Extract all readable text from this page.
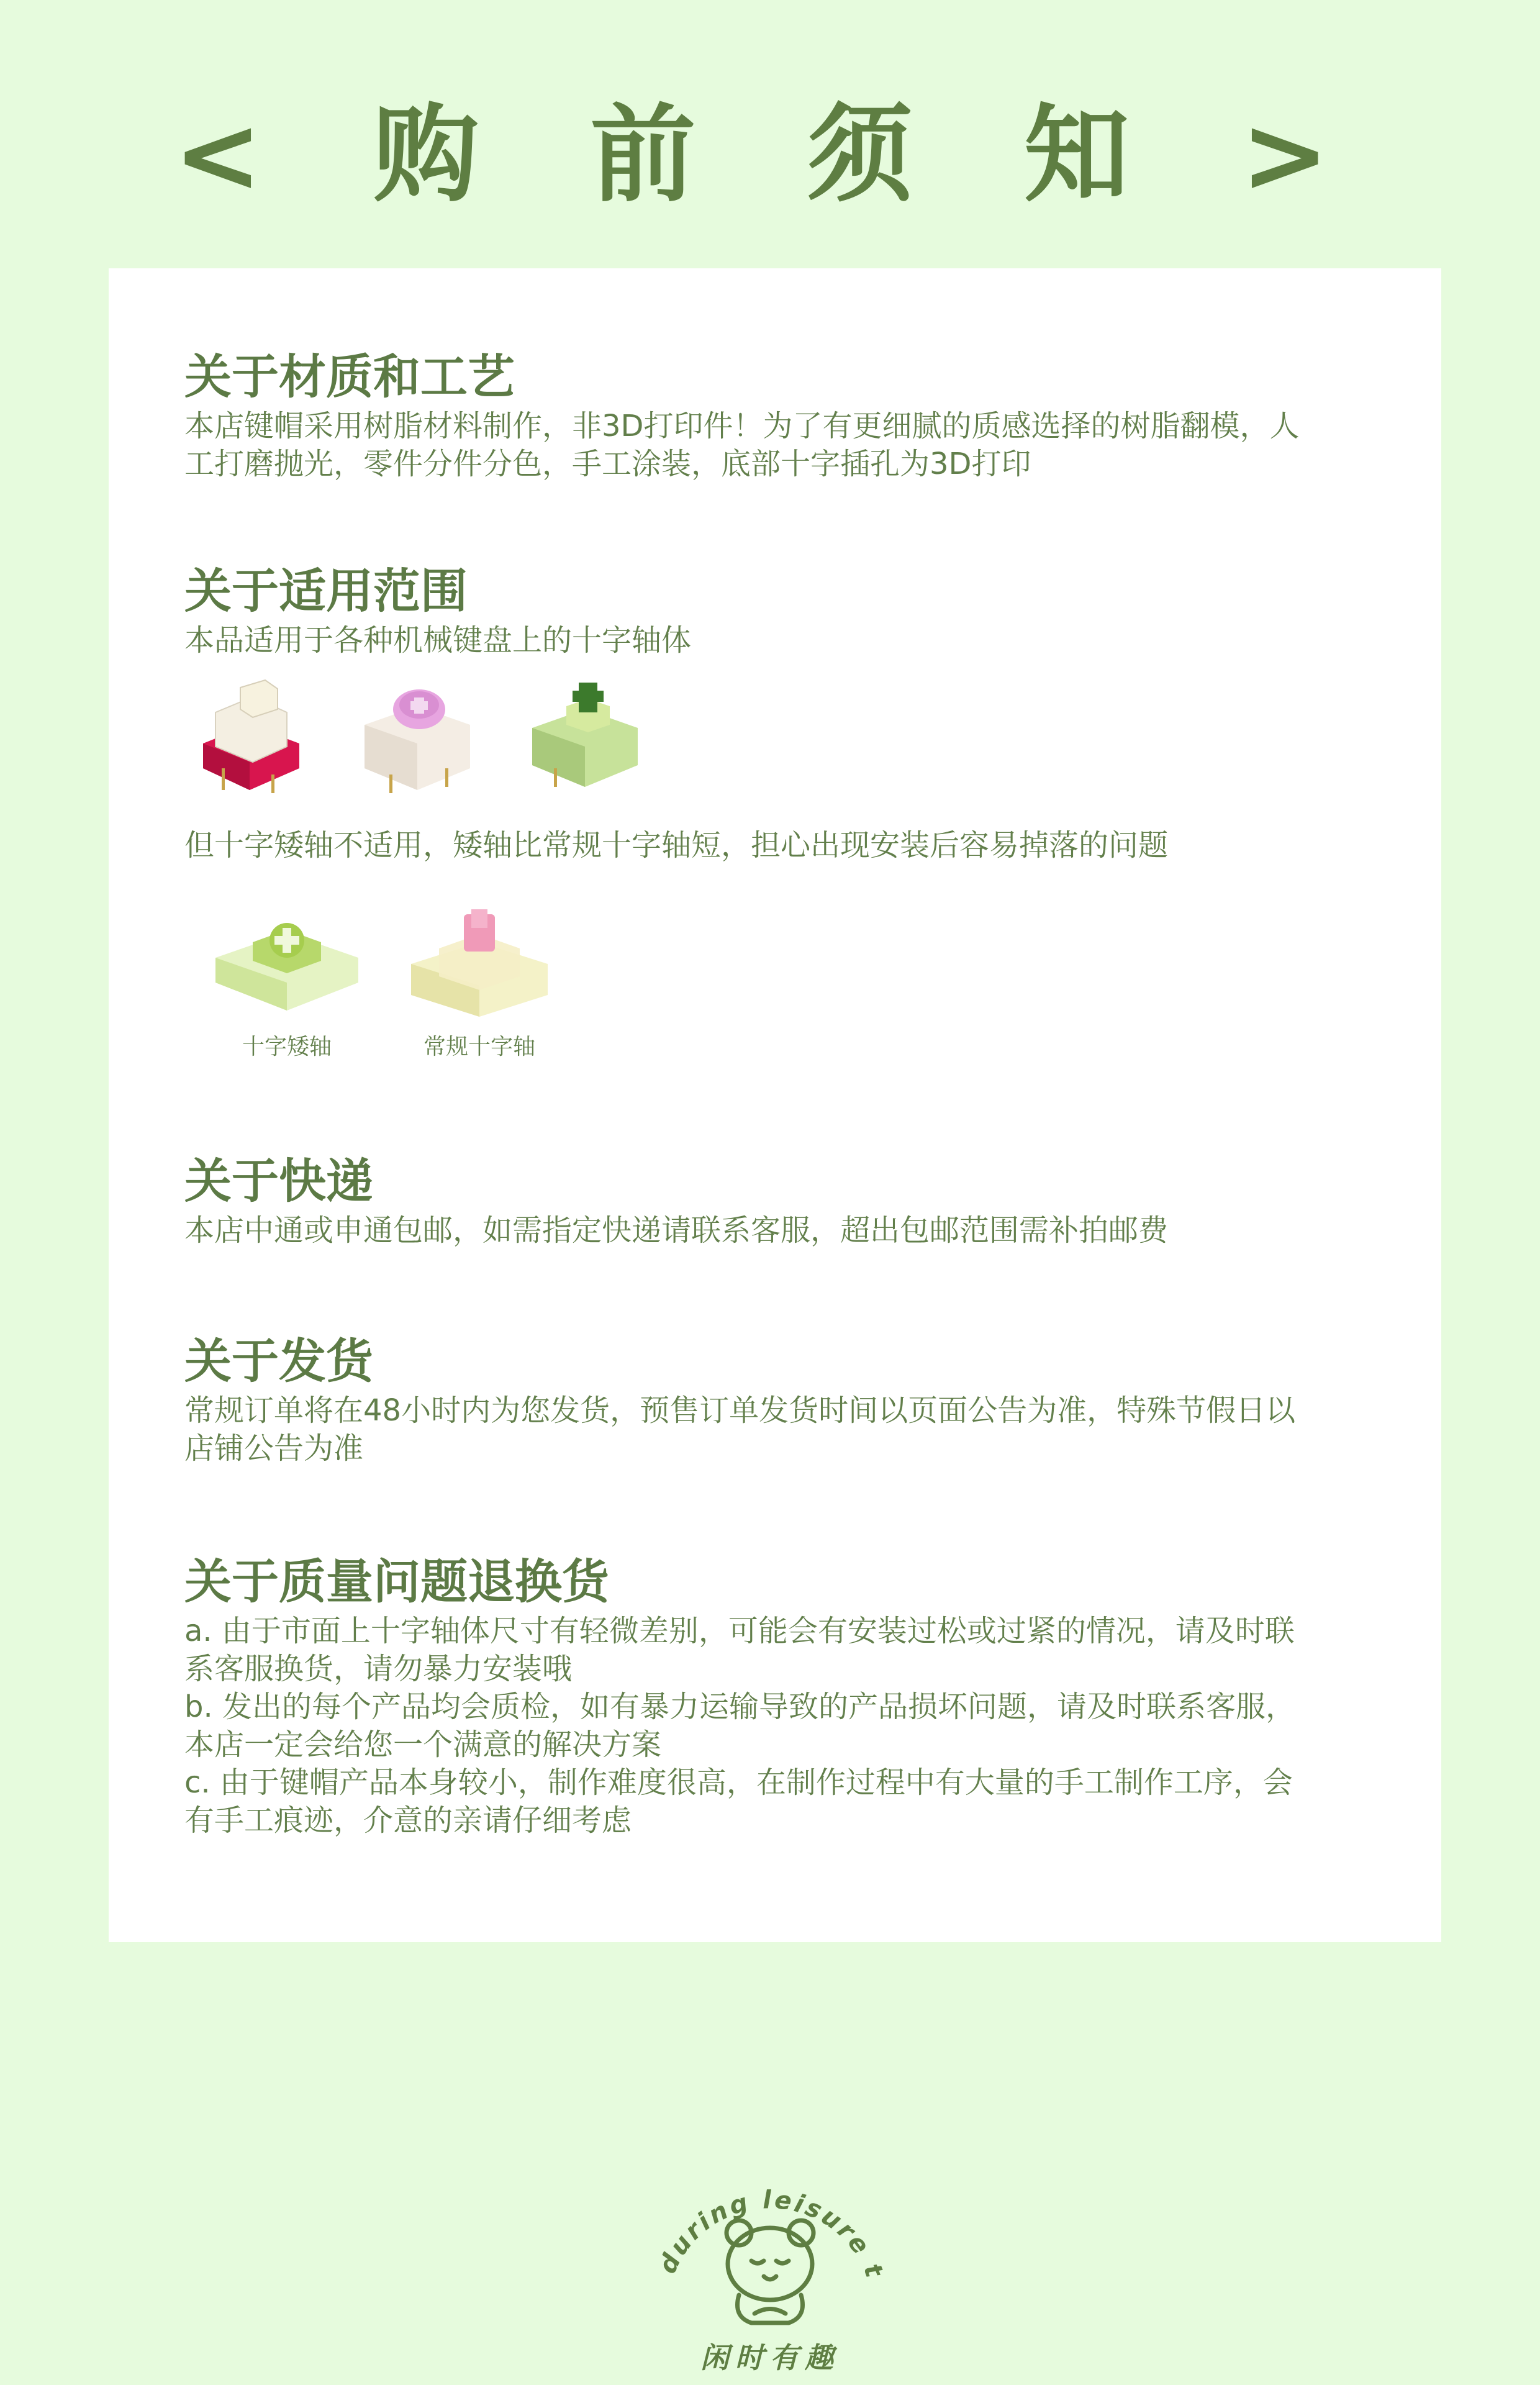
< 购 前 须 知 >
关于材质和工艺

本店键帽采用树脂材料制作，非3D打印件！为了有更细腻的质感选择的树脂翻模，人

工打磨抛光，零件分件分色，手工涂装，底部十字插孔为3D打印

关于适用范围

本品适用于各种机械键盘上的十字轴体

但十字矮轴不适用，矮轴比常规十字轴短，担心出现安装后容易掉落的问题

十字矮轴	常规十字轴
关于快递

本店中通或申通包邮，如需指定快递请联系客服，超出包邮范围需补拍邮费

关于发货

常规订单将在48小时内为您发货，预售订单发货时间以页面公告为准，特殊节假日以

店铺公告为准

关于质量问题退换货

a. 由于市面上十字轴体尺寸有轻微差别，可能会有安装过松或过紧的情况，请及时联

系客服换货，请勿暴力安装哦

b. 发出的每个产品均会质检，如有暴力运输导致的产品损坏问题，请及时联系客服，

本店一定会给您一个满意的解决方案

c. 由于键帽产品本身较小，制作难度很高，在制作过程中有大量的手工制作工序，会

有手工痕迹，介意的亲请仔细考虑

during leisure t
闲时有趣
